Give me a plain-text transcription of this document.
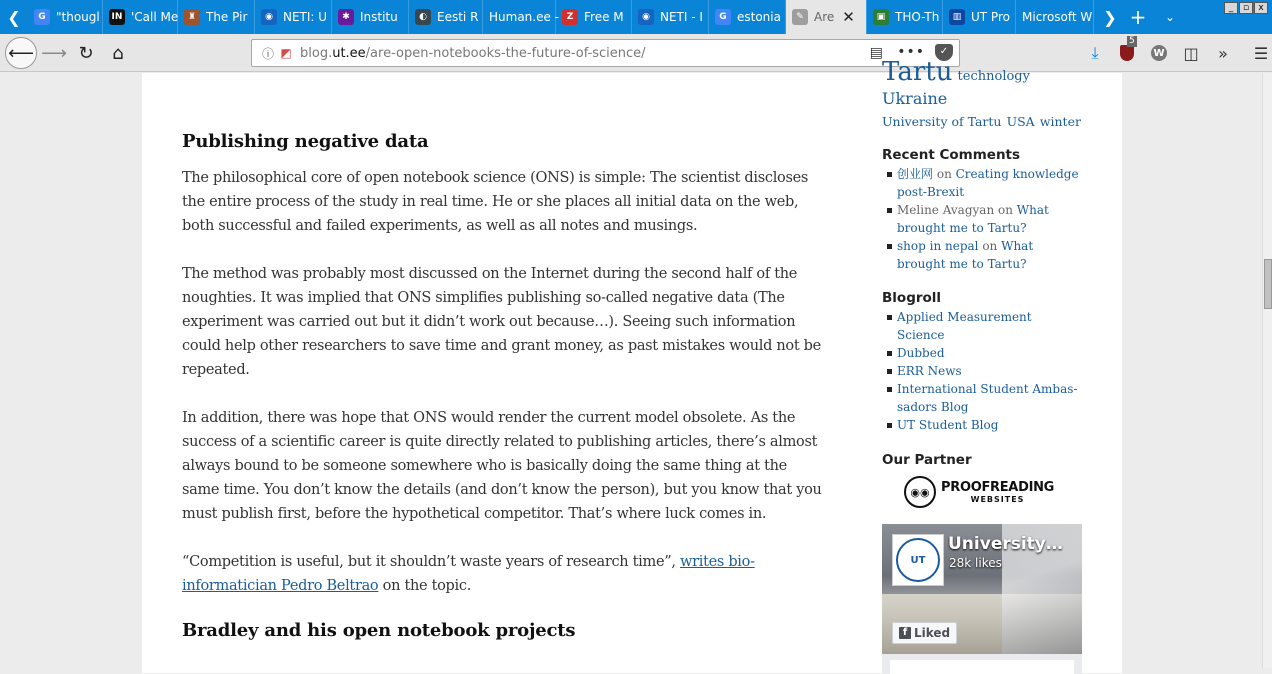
❮	G "thougl IN 'Call Me	♜ The Pir	◉ NETI: U	✱ Institu	◐ Eesti R Human.ee - Z Free M	◉ NETI - I	G estonia	✎ Are ✕	▣ THO-Th	▥ UT Pro Microsoft W ❯ +	⌄
_	▫	x
⟵ ⟶ ↻	⌂	ⓘ ◩ blog.ut.ee/are-open-notebooks-the-future-of-science/	▤ •••	✓	⤓
5
W ◫	»	☰
Publishing negative data

The philosophical core of open notebook science (ONS) is simple: The scientist discloses the entire process of the study in real time. He or she places all initial data on the web, both successful and failed experiments, as well as all notes and musings.

The method was probably most discussed on the Internet during the second half of the noughties. It was implied that ONS simplifies publishing so-called negative data (The experiment was carried out but it didn’t work out because…). Seeing such information could help other researchers to save time and grant money, as past mistakes would not be repeated.

In addition, there was hope that ONS would render the current model obsolete. As the success of a scientific career is quite directly related to publishing articles, there’s almost always bound to be someone somewhere who is basically doing the same thing at the same time. You don’t know the details (and don’t know the person), but you know that you must publish first, before the hypothetical competitor. That’s where luck comes in.

“Competition is useful, but it shouldn’t waste years of research time”, writes bio-informatician Pedro Beltrao on the topic.

Bradley and his open notebook projects
Tartu technology Ukraine
University of Tartu USA winter
Recent Comments
创业网 on Creating knowledge post-Brexit
Meline Avagyan on What brought me to Tartu?
shop in nepal on What brought me to Tartu?
Blogroll
Applied Measurement Science
Dubbed
ERR News
International Student Ambas-sadors Blog
UT Student Blog
Our Partner
◉◉ PROOFREADING
WEBSITES
UT
University…
28k likes
f Liked
